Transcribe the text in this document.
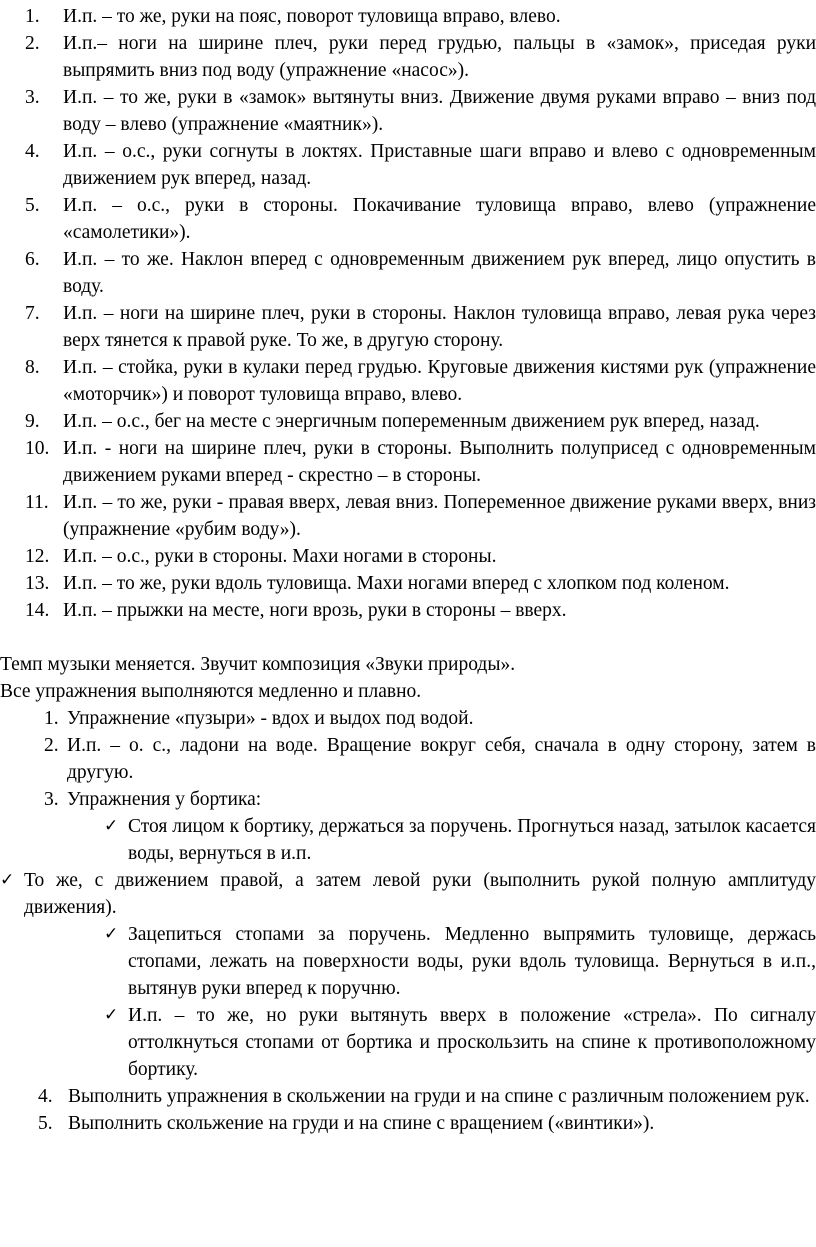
1.	И.п. – то же, руки на пояс, поворот туловища вправо, влево.
2.	И.п.– ноги на ширине плеч, руки перед грудью, пальцы в «замок», приседая руки выпрямить вниз под воду (упражнение «насос»).
3.	И.п. – то же, руки в «замок» вытянуты вниз. Движение двумя руками вправо – вниз под воду – влево (упражнение «маятник»).
4.	И.п. – о.с., руки согнуты в локтях. Приставные шаги вправо и влево с одновременным движением рук вперед, назад.
5.	И.п. – о.с., руки в стороны. Покачивание туловища вправо, влево (упражнение «самолетики»).
6.	И.п. – то же. Наклон вперед с одновременным движением рук вперед, лицо опустить в воду.
7.	И.п. – ноги на ширине плеч, руки в стороны. Наклон туловища вправо, левая рука через верх тянется к правой руке. То же, в другую сторону.
8.	И.п. – стойка, руки в кулаки перед грудью. Круговые движения кистями рук (упражнение «моторчик») и поворот туловища вправо, влево.
9.	И.п. – о.с., бег на месте с энергичным попеременным движением рук вперед, назад.
10. И.п. - ноги на ширине плеч, руки в стороны. Выполнить полуприсед с одновременным движением руками вперед - скрестно – в стороны.
11. И.п. – то же, руки - правая вверх, левая вниз. Попеременное движение руками вверх, вниз (упражнение «рубим воду»).
12. И.п. – о.с., руки в стороны. Махи ногами в стороны.
13. И.п. – то же, руки вдоль туловища. Махи ногами вперед с хлопком под коленом.
14. И.п. – прыжки на месте, ноги врозь, руки в стороны – вверх.
Темп музыки меняется. Звучит композиция «Звуки природы».
Все упражнения выполняются медленно и плавно.
1. Упражнение «пузыри» - вдох и выдох под водой.
2. И.п. – о. с., ладони на воде. Вращение вокруг себя, сначала в одну сторону, затем в другую.
3. Упражнения у бортика:
✓ Стоя лицом к бортику, держаться за поручень. Прогнуться назад, затылок касается воды, вернуться в и.п.
✓ То же, с движением правой, а затем левой руки (выполнить рукой полную амплитуду движения).
✓ Зацепиться стопами за поручень. Медленно выпрямить туловище, держась стопами, лежать на поверхности воды, руки вдоль туловища. Вернуться в и.п., вытянув руки вперед к поручню.
✓ И.п. – то же, но руки вытянуть вверх в положение «стрела». По сигналу оттолкнуться стопами от бортика и проскользить на спине к противоположному бортику.
4. Выполнить упражнения в скольжении на груди и на спине с различным положением рук.
5. Выполнить скольжение на груди и на спине с вращением («винтики»).
